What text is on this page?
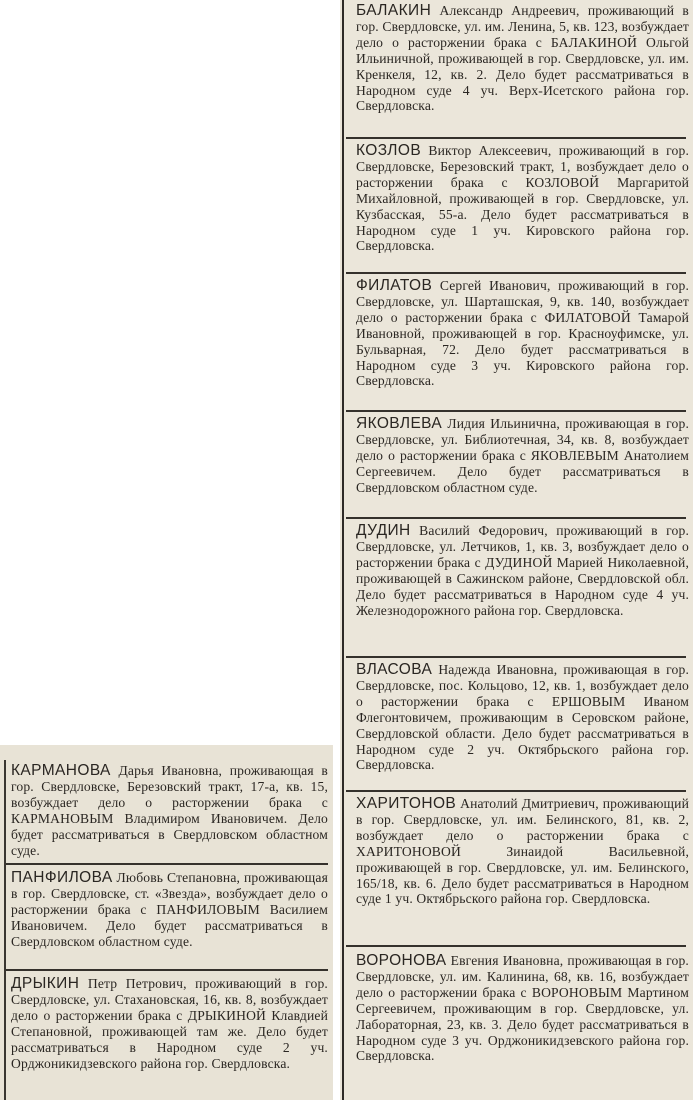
БАЛАКИН Александр Андреевич, проживающий в гор. Свердловске, ул. им. Ленина, 5, кв. 123, возбуждает дело о расторжении брака с БАЛАКИНОЙ Ольгой Ильиничной, проживающей в гор. Свердловске, ул. им. Кренкеля, 12, кв. 2. Дело будет рассматриваться в Народном суде 4 уч. Верх-Исетского района гор. Свердловска.

КОЗЛОВ Виктор Алексеевич, проживающий в гор. Свердловске, Березовский тракт, 1, возбуждает дело о расторжении брака с КОЗЛОВОЙ Маргаритой Михайловной, проживающей в гор. Свердловске, ул. Кузбасская, 55-а. Дело будет рассматриваться в Народном суде 1 уч. Кировского района гор. Свердловска.

ФИЛАТОВ Сергей Иванович, проживающий в гор. Свердловске, ул. Шарташская, 9, кв. 140, возбуждает дело о расторжении брака с ФИЛАТОВОЙ Тамарой Ивановной, проживающей в гор. Красноуфимске, ул. Бульварная, 72. Дело будет рассматриваться в Народном суде 3 уч. Кировского района гор. Свердловска.

ЯКОВЛЕВА Лидия Ильинична, проживающая в гор. Свердловске, ул. Библиотечная, 34, кв. 8, возбуждает дело о расторжении брака с ЯКОВЛЕВЫМ Анатолием Сергеевичем. Дело будет рассматриваться в Свердловском областном суде.

ДУДИН Василий Федорович, проживающий в гор. Свердловске, ул. Летчиков, 1, кв. 3, возбуждает дело о расторжении брака с ДУДИНОЙ Марией Николаевной, проживающей в Сажинском районе, Свердловской обл. Дело будет рассматриваться в Народном суде 4 уч. Железнодорожного района гор. Свердловска.

ВЛАСОВА Надежда Ивановна, проживающая в гор. Свердловске, пос. Кольцово, 12, кв. 1, возбуждает дело о расторжении брака с ЕРШОВЫМ Иваном Флегонтовичем, проживающим в Серовском районе, Свердловской области. Дело будет рассматриваться в Народном суде 2 уч. Октябрьского района гор. Свердловска.

ХАРИТОНОВ Анатолий Дмитриевич, проживающий в гор. Свердловске, ул. им. Белинского, 81, кв. 2, возбуждает дело о расторжении брака с ХАРИТОНОВОЙ Зинаидой Васильевной, проживающей в гор. Свердловске, ул. им. Белинского, 165/18, кв. 6. Дело будет рассматриваться в Народном суде 1 уч. Октябрьского района гор. Свердловска.

ВОРОНОВА Евгения Ивановна, проживающая в гор. Свердловске, ул. им. Калинина, 68, кв. 16, возбуждает дело о расторжении брака с ВОРОНОВЫМ Мартином Сергеевичем, проживающим в гор. Свердловске, ул. Лабораторная, 23, кв. 3. Дело будет рассматриваться в Народном суде 3 уч. Орджоникидзевского района гор. Свердловска.

КАРМАНОВА Дарья Ивановна, проживающая в гор. Свердловске, Березовский тракт, 17-а, кв. 15, возбуждает дело о расторжении брака с КАРМАНОВЫМ Владимиром Ивановичем. Дело будет рассматриваться в Свердловском областном суде.

ПАНФИЛОВА Любовь Степановна, проживающая в гор. Свердловске, ст. «Звезда», возбуждает дело о расторжении брака с ПАНФИЛОВЫМ Василием Ивановичем. Дело будет рассматриваться в Свердловском областном суде.

ДРЫКИН Петр Петрович, проживающий в гор. Свердловске, ул. Стахановская, 16, кв. 8, возбуждает дело о расторжении брака с ДРЫКИНОЙ Клавдией Степановной, проживающей там же. Дело будет рассматриваться в Народном суде 2 уч. Орджоникидзевского района гор. Свердловска.
